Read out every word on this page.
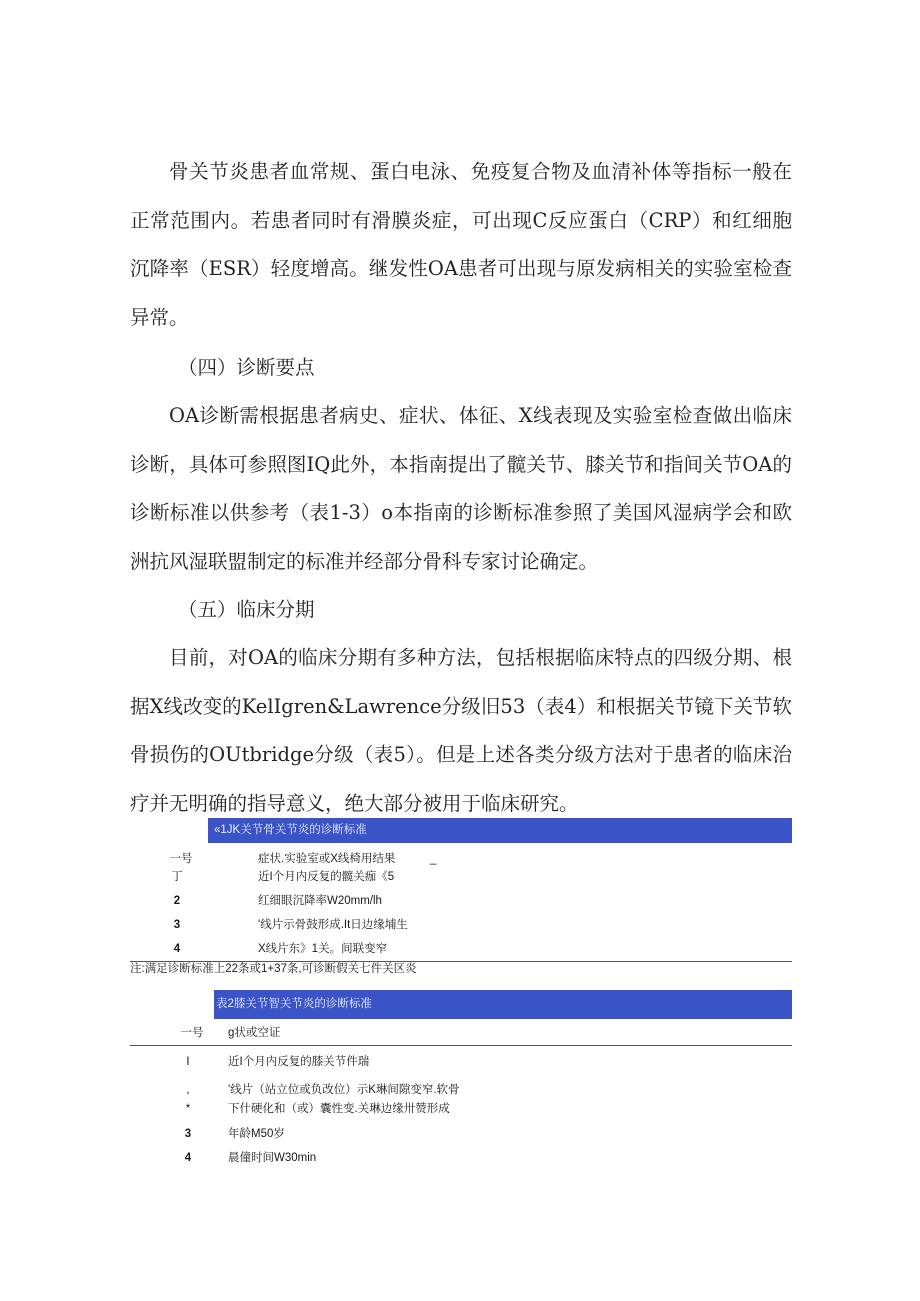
骨关节炎患者血常规、蛋白电泳、免疫复合物及血清补体等指标一般在正常范围内。若患者同时有滑膜炎症，可出现C反应蛋白（CRP）和红细胞沉降率（ESR）轻度增高。继发性OA患者可出现与原发病相关的实验室检查异常。

（四）诊断要点

OA诊断需根据患者病史、症状、体征、X线表现及实验室检查做出临床诊断，具体可参照图IQ此外，本指南提出了髋关节、膝关节和指间关节OA的诊断标准以供参考（表1-3）o本指南的诊断标准参照了美国风湿病学会和欧洲抗风湿联盟制定的标准并经部分骨科专家讨论确定。

（五）临床分期

目前，对OA的临床分期有多种方法，包括根据临床特点的四级分期、根据X线改变的KelIgren&Lawrence分级旧53（表4）和根据关节镜下关节软骨损伤的OUtbridge分级（表5）。但是上述各类分级方法对于患者的临床治疗并无明确的指导意义，绝大部分被用于临床研究。

«1JK关节骨关节炎的诊断标准
一号	症状.实验室或X线椅用结果	_
丁	近I个月内反复的髋关痂《5
2	红细眼沉降率W20mm/lh
3	'线片示骨鼓形成.It日边缘埔生
4	X线片东》1关。间联变窄
注:满足诊断标准上22条或1+37条,可诊断假关七件关区炎
表2膝关节智关节炎的诊断标准
一号	g状或空证
I	近I个月内反复的膝关节件瑞
,	'线片（站立位或负改位）示K琳间隙变窄.软骨
*	下什硬化和（或）囊性变.关琳边缘卅赞形成
3	年龄M50岁
4	晨僮时间W30min
